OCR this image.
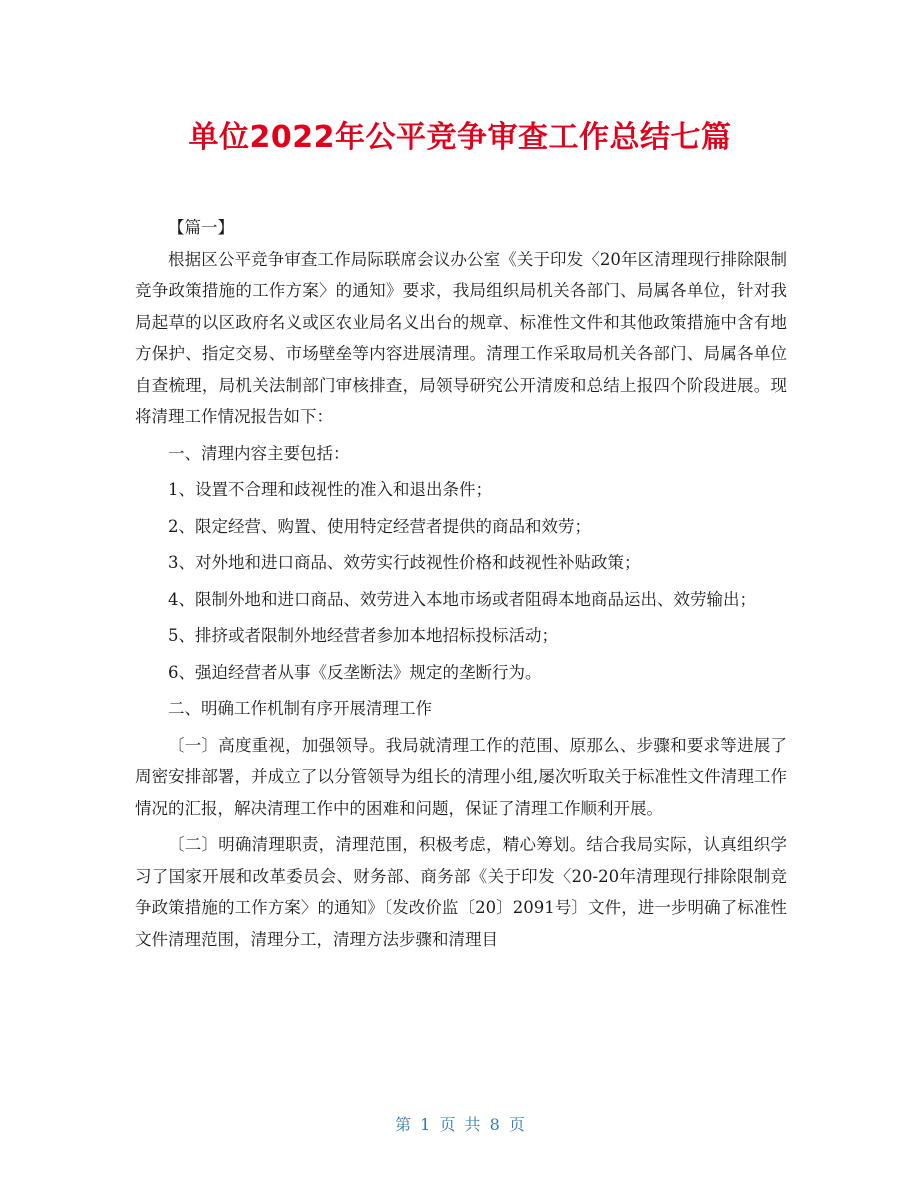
单位2022年公平竞争审查工作总结七篇

【篇一】

根据区公平竞争审查工作局际联席会议办公室《关于印发〈20年区清理现行排除限制竞争政策措施的工作方案〉的通知》要求，我局组织局机关各部门、局属各单位，针对我局起草的以区政府名义或区农业局名义出台的规章、标准性文件和其他政策措施中含有地方保护、指定交易、市场壁垒等内容进展清理。清理工作采取局机关各部门、局属各单位自查梳理，局机关法制部门审核排查，局领导研究公开清废和总结上报四个阶段进展。现将清理工作情况报告如下：

一、清理内容主要包括：

1、设置不合理和歧视性的准入和退出条件；

2、限定经营、购置、使用特定经营者提供的商品和效劳；

3、对外地和进口商品、效劳实行歧视性价格和歧视性补贴政策；

4、限制外地和进口商品、效劳进入本地市场或者阻碍本地商品运出、效劳输出；

5、排挤或者限制外地经营者参加本地招标投标活动；

6、强迫经营者从事《反垄断法》规定的垄断行为。

二、明确工作机制有序开展清理工作

〔一〕高度重视，加强领导。我局就清理工作的范围、原那么、步骤和要求等进展了周密安排部署，并成立了以分管领导为组长的清理小组,屡次听取关于标准性文件清理工作情况的汇报，解决清理工作中的困难和问题，保证了清理工作顺利开展。

〔二〕明确清理职责，清理范围，积极考虑，精心筹划。结合我局实际，认真组织学习了国家开展和改革委员会、财务部、商务部《关于印发〈20-20年清理现行排除限制竞争政策措施的工作方案〉的通知》〔发改价监〔20〕2091号〕文件，进一步明确了标准性文件清理范围，清理分工，清理方法步骤和清理目

第 1 页 共 8 页
